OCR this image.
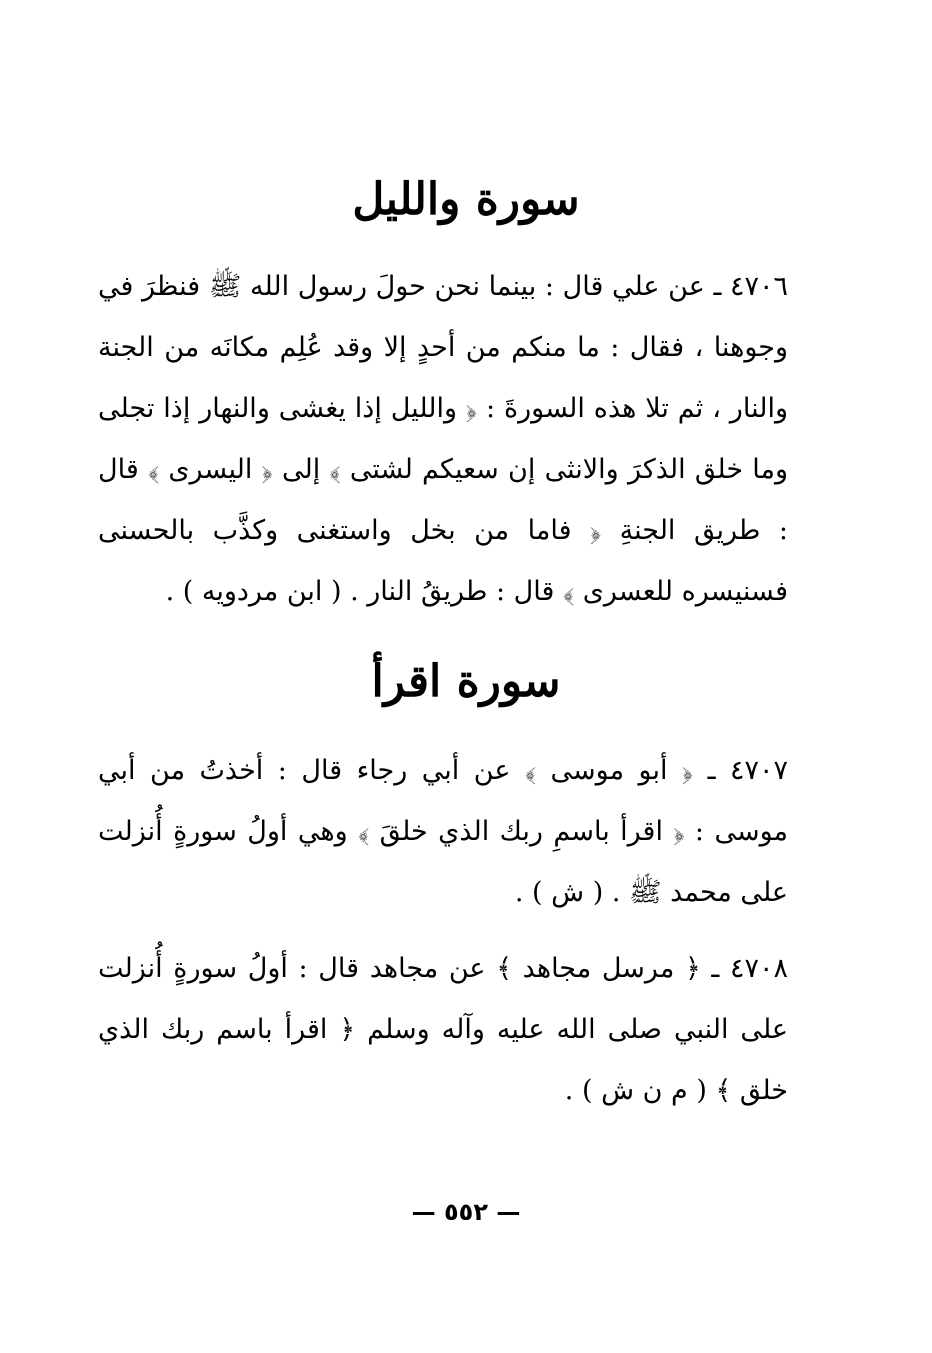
سورة والليل
٤٧٠٦ ـ عن علي قال : بينما نحن حولَ رسول الله ﷺ فنظرَ في وجوهنا ، فقال : ما منكم من أحدٍ إلا وقد عُلِم مكانَه من الجنة والنار ، ثم تلا هذه السورةَ : ﴿ والليل إذا يغشى والنهار إذا تجلى وما خلق الذكرَ والانثى إن سعيكم لشتى ﴾ إلى ﴿ اليسرى ﴾ قال : طريق الجنةِ ﴿ فاما من بخل واستغنى وكذَّب بالحسنى فسنيسره للعسرى ﴾ قال : طريقُ النار . ( ابن مردويه ) .
سورة اقرأ
٤٧٠٧ ـ ﴿ أبو موسى ﴾ عن أبي رجاء قال : أخذتُ من أبي موسى : ﴿ اقرأ باسمِ ربك الذي خلقَ ﴾ وهي أولُ سورةٍ أُنزلت على محمد ﷺ . ( ش ) .
٤٧٠٨ ـ ﴿ مرسل مجاهد ﴾ عن مجاهد قال : أولُ سورةٍ أُنزلت على النبي صلى الله عليه وآله وسلم ﴿ اقرأ باسم ربك الذي خلق ﴾ ( م ن ش ) .
— ٥٥٢ —
